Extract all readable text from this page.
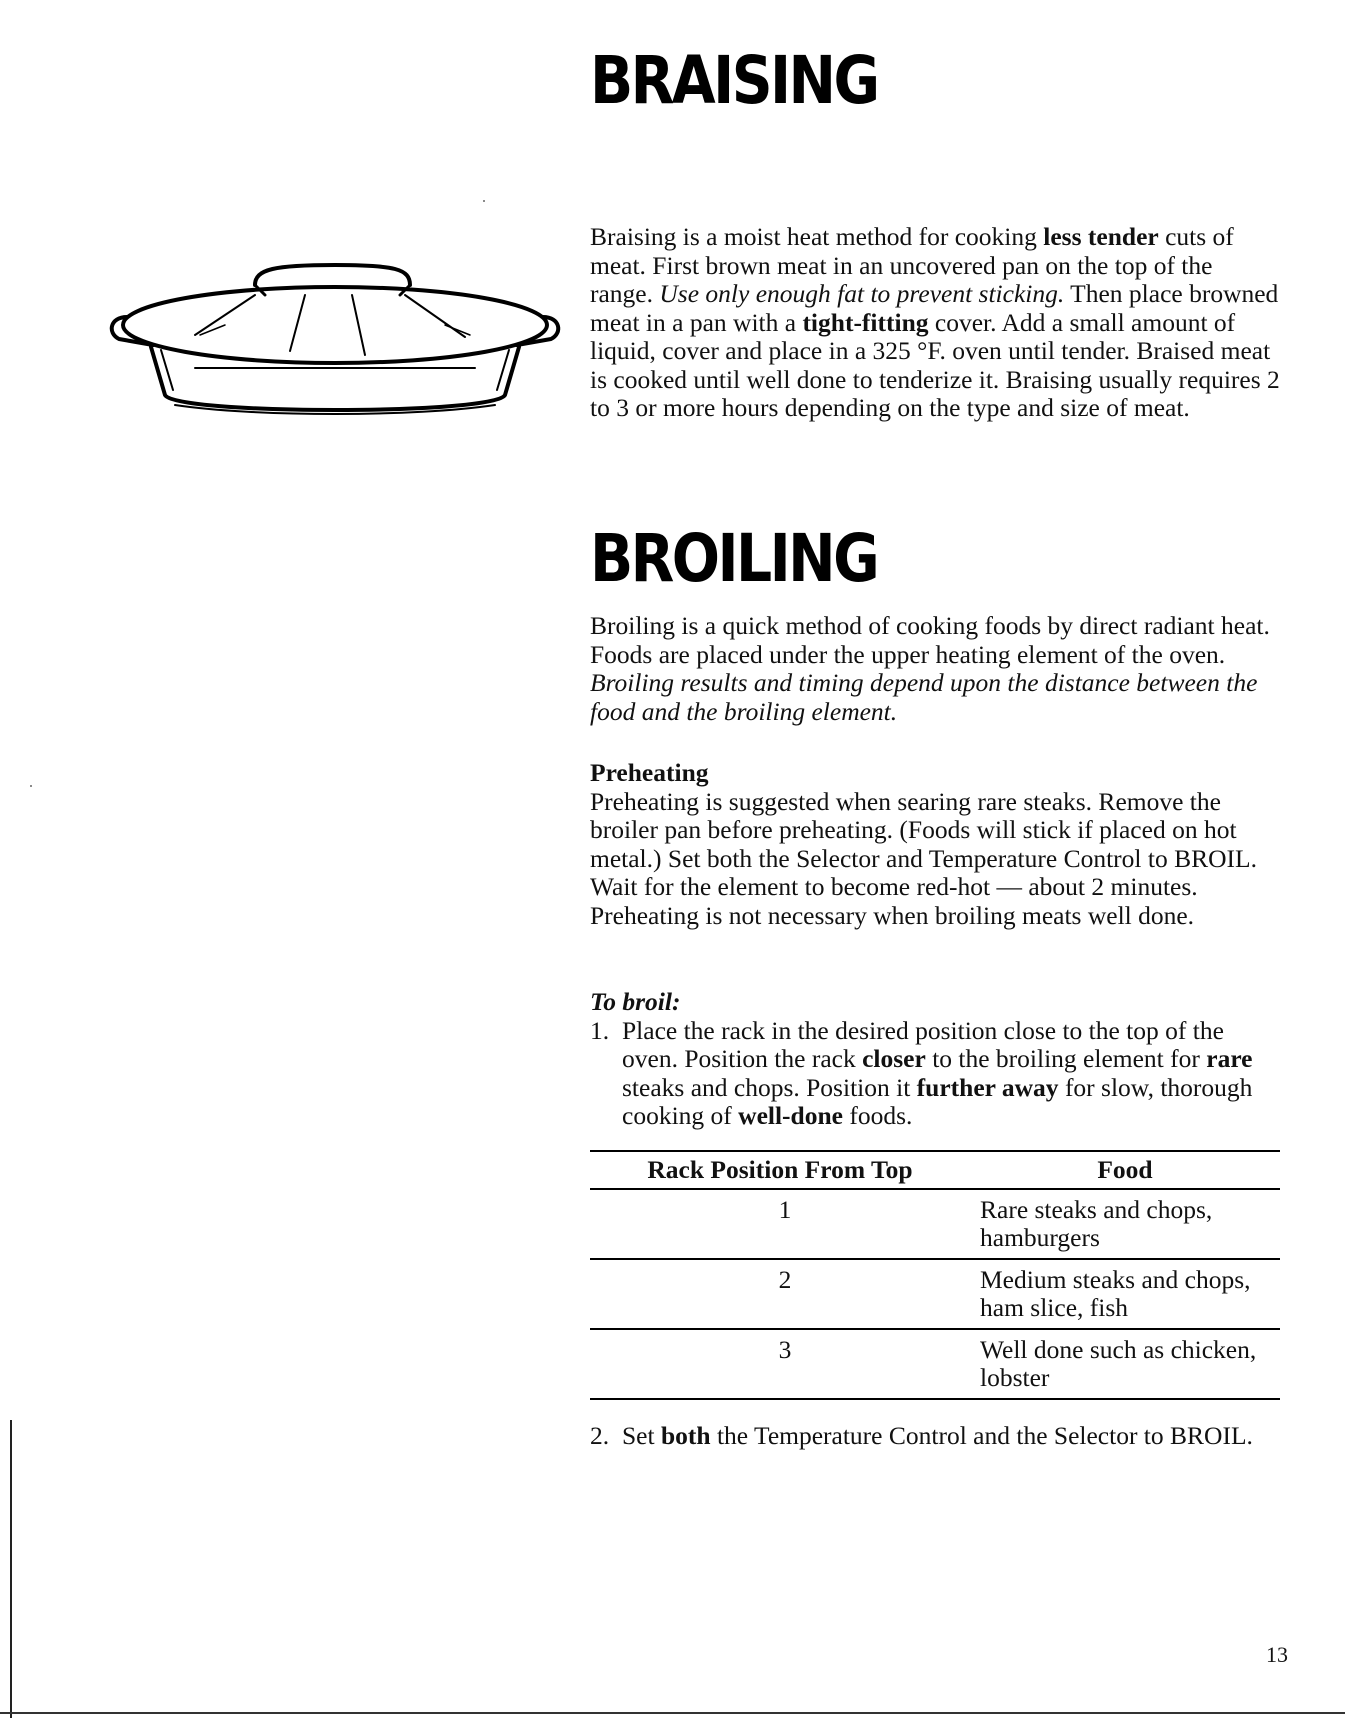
BRAISING

Braising is a moist heat method for cooking less tender cuts of meat. First brown meat in an uncovered pan on the top of the range. Use only enough fat to prevent sticking. Then place browned meat in a pan with a tight-fitting cover. Add a small amount of liquid, cover and place in a 325 °F. oven until tender. Braised meat is cooked until well done to tenderize it. Braising usually requires 2 to 3 or more hours depending on the type and size of meat.

BROILING

Broiling is a quick method of cooking foods by direct radiant heat. Foods are placed under the upper heating element of the oven. Broiling results and timing depend upon the distance between the food and the broiling element.

Preheating

Preheating is suggested when searing rare steaks. Remove the broiler pan before preheating. (Foods will stick if placed on hot metal.) Set both the Selector and Temperature Control to BROIL. Wait for the element to become red-hot — about 2 minutes. Preheating is not necessary when broiling meats well done.

To broil:
1. Place the rack in the desired position close to the top of the oven. Position the rack closer to the broiling element for rare steaks and chops. Position it further away for slow, thorough cooking of well-done foods.
Rack Position From Top	Food
1	Rare steaks and chops, hamburgers
2	Medium steaks and chops, ham slice, fish
3	Well done such as chicken, lobster
2. Set both the Temperature Control and the Selector to BROIL.
13
